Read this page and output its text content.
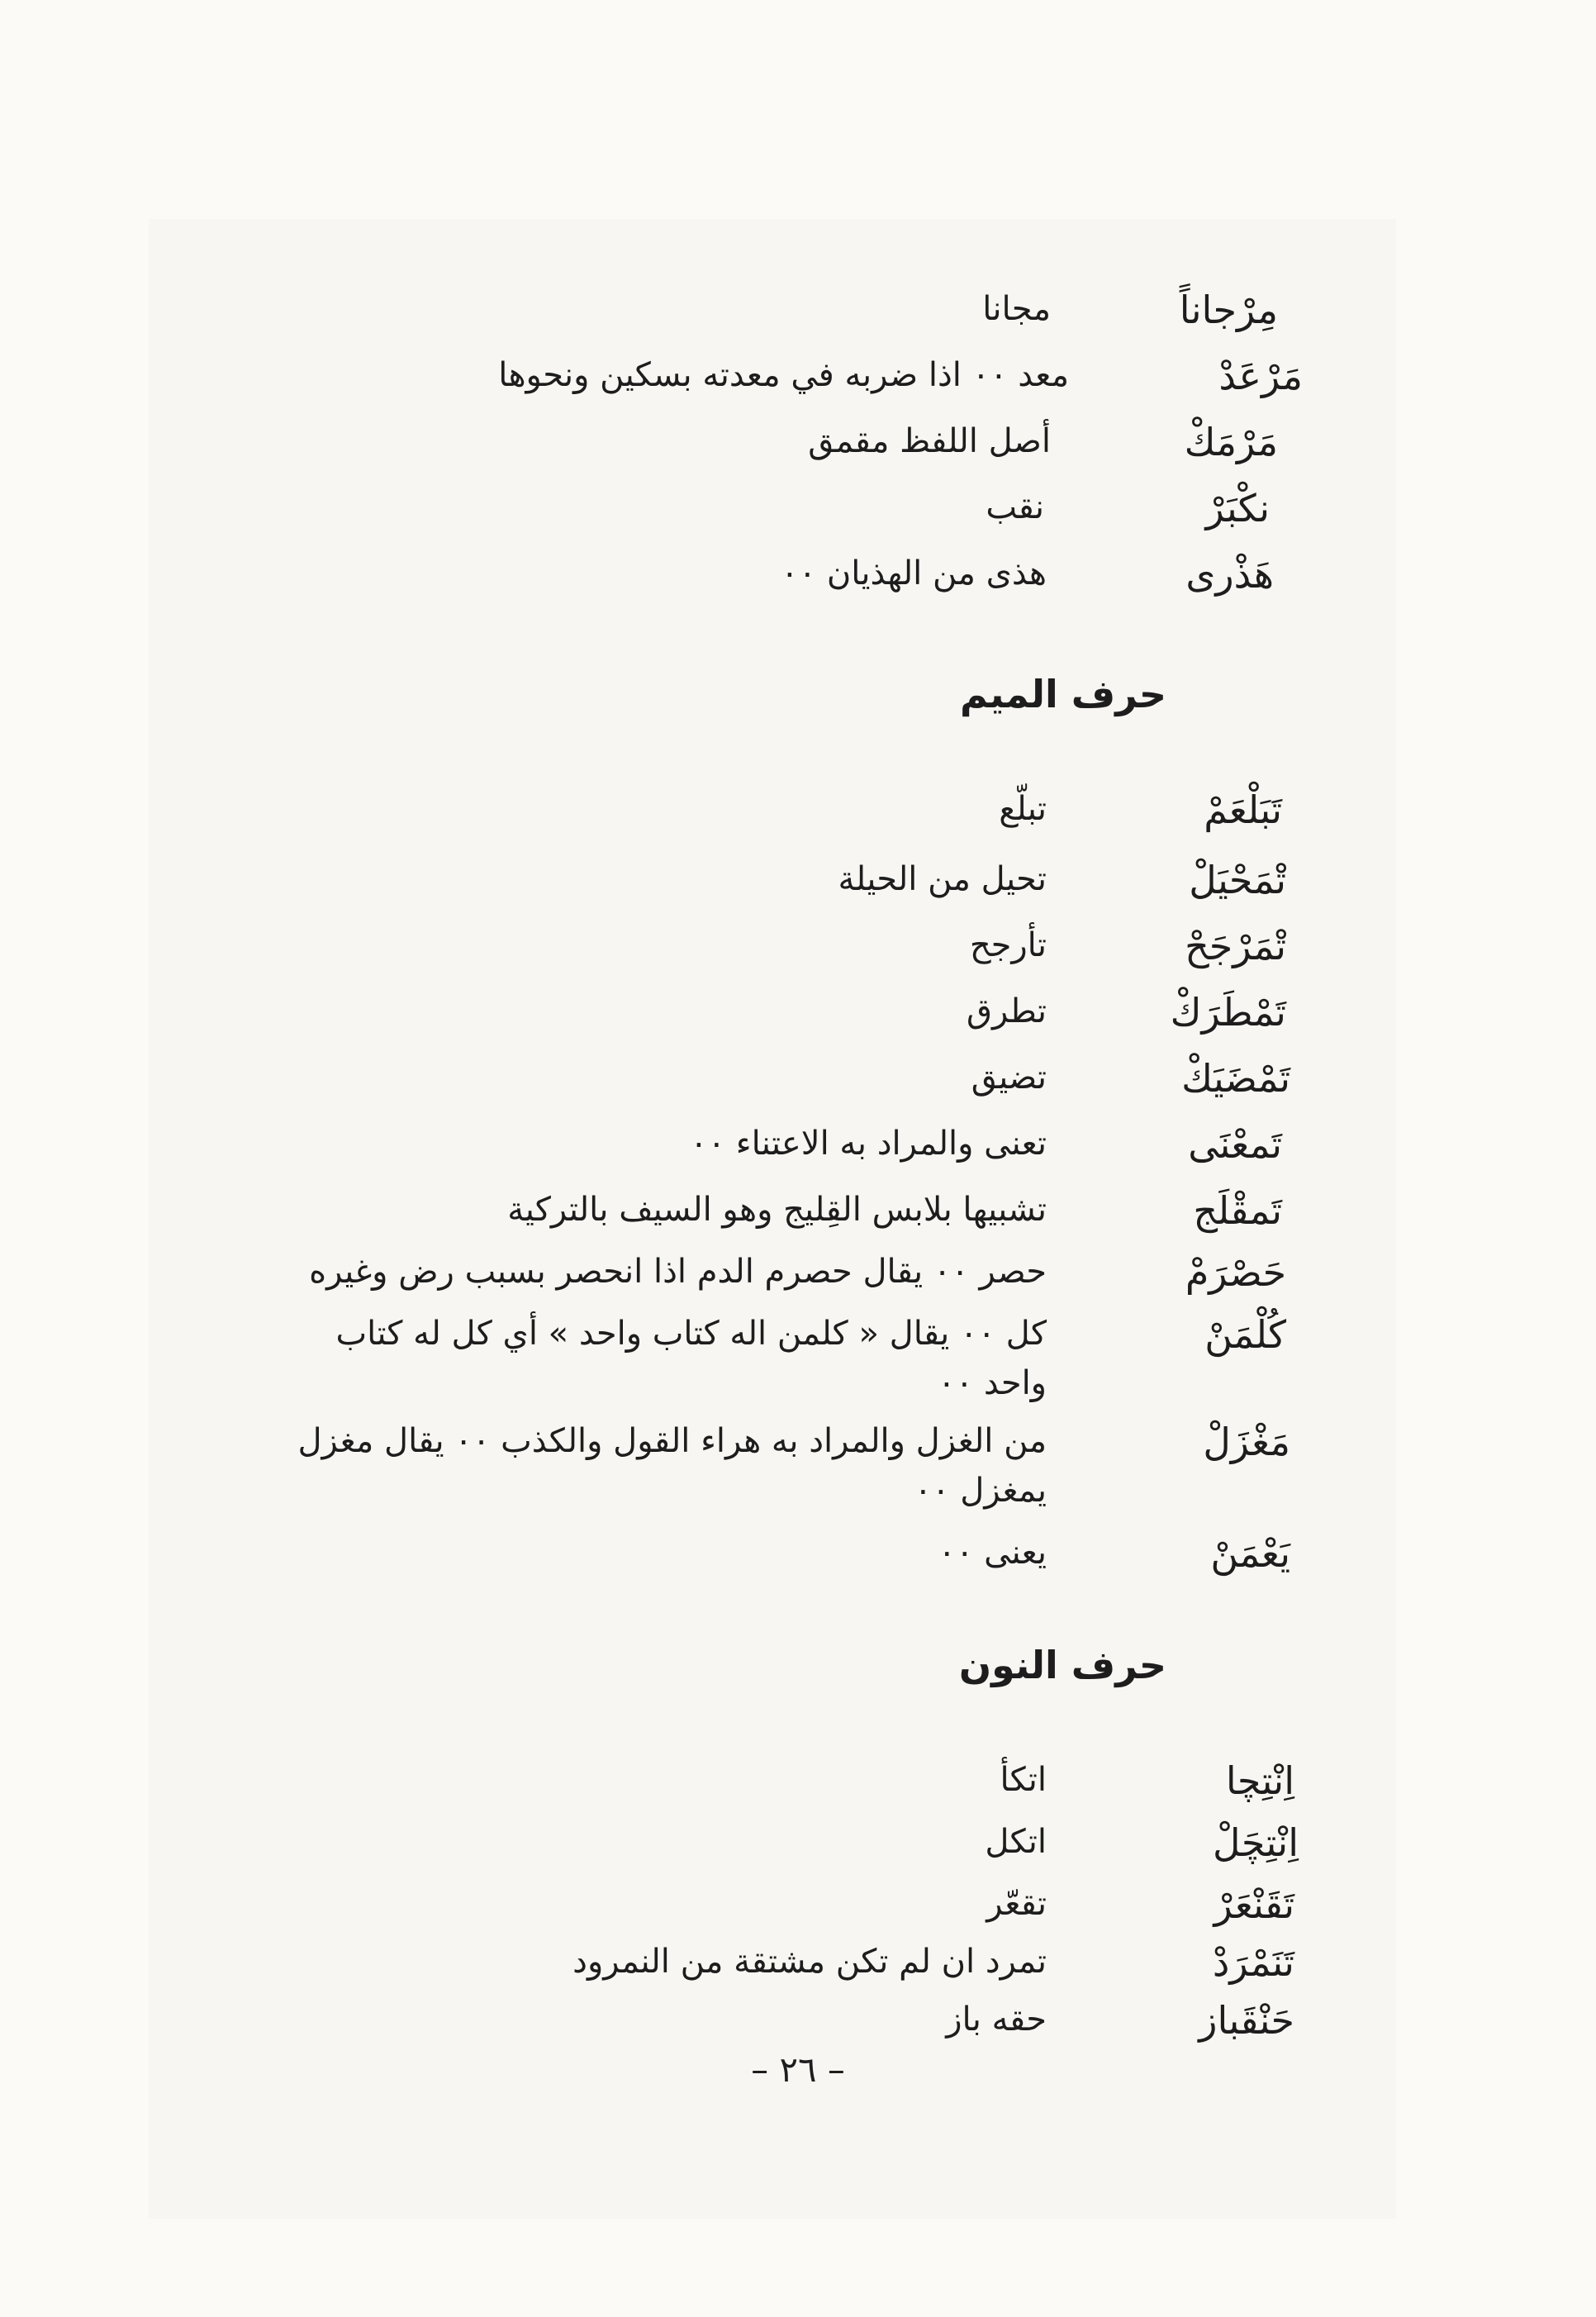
مِرْجاناً
مجانا
مَرْعَدْ
معد ٠٠ اذا ضربه في معدته بسكين ونحوها
مَرْمَكْ
أصل اللفظ مقمق
نكْبَرْ
نقب
هَذْرى
هذى من الهذيان ٠٠
حرف الميم
تَبَلْعَمْ
تبلّع
تْمَحْيَلْ
تحيل من الحيلة
تْمَرْجَحْ
تأرجح
تَمْطَرَكْ
تطرق
تَمْضَيَكْ
تضيق
تَمعْنَى
تعنى والمراد به الاعتناء ٠٠
تَمقْلَج
تشبيها بلابس القِليج وهو السيف بالتركية
حَصْرَمْ
حصر ٠٠ يقال حصرم الدم اذا انحصر بسبب رض وغيره
كُلْمَنْ
كل ٠٠ يقال « كلمن اله كتاب واحد » أي كل له كتاب
واحد ٠٠
مَغْزَلْ
من الغزل والمراد به هراء القول والكذب ٠٠ يقال مغزل
يمغزل ٠٠
يَعْمَنْ
يعنى ٠٠
حرف النون
اِنْتِچا
اتكأ
اِنْتِچَلْ
اتكل
تَقَنْعَرْ
تقعّر
تَنَمْرَدْ
تمرد ان لم تكن مشتقة من النمرود
حَنْقَباز
حقه باز
– ٢٦ –
